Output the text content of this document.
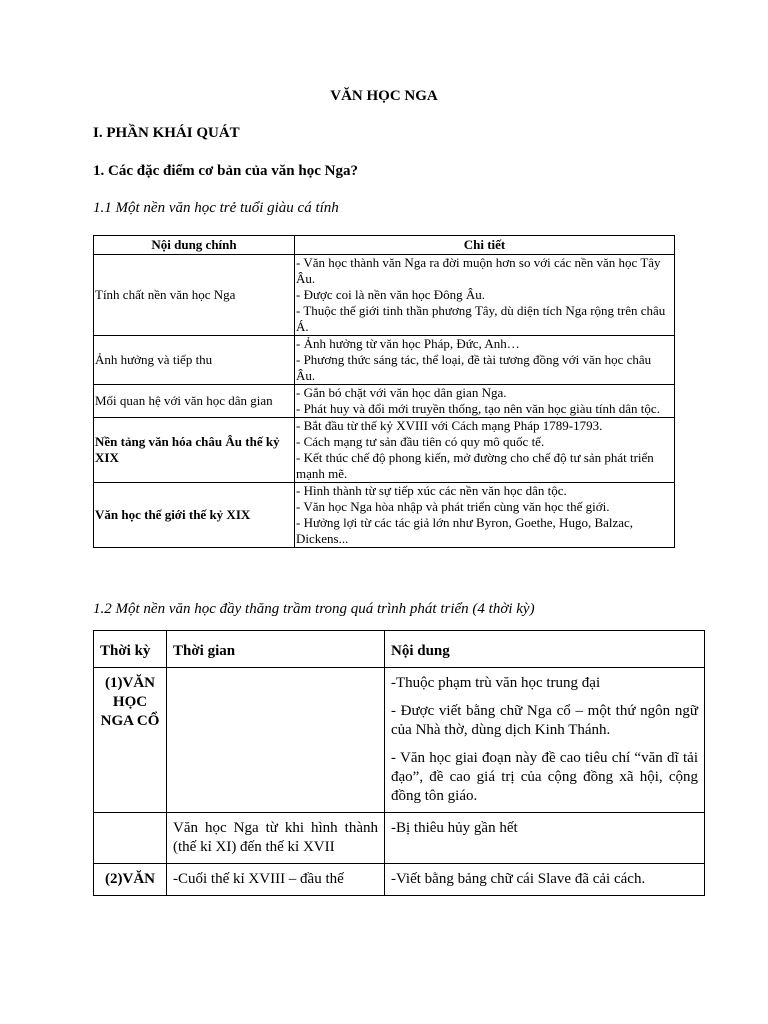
VĂN HỌC NGA
I. PHẦN KHÁI QUÁT
1. Các đặc điểm cơ bản của văn học Nga?
1.1 Một nền văn học trẻ tuổi giàu cá tính
Nội dung chính	Chi tiết
Tính chất nền văn học Nga	- Văn học thành văn Nga ra đời muộn hơn so với các nền văn học Tây Âu.
- Được coi là nền văn học Đông Âu.
- Thuộc thế giới tinh thần phương Tây, dù diện tích Nga rộng trên châu Á.

Ảnh hưởng và tiếp thu	- Ảnh hưởng từ văn học Pháp, Đức, Anh…
- Phương thức sáng tác, thể loại, đề tài tương đồng với văn học châu Âu.

Mối quan hệ với văn học dân gian	- Gắn bó chặt với văn học dân gian Nga.
- Phát huy và đổi mới truyền thống, tạo nên văn học giàu tính dân tộc.

Nền tảng văn hóa châu Âu thế kỷ XIX	- Bắt đầu từ thế kỷ XVIII với Cách mạng Pháp 1789-1793.
- Cách mạng tư sản đầu tiên có quy mô quốc tế.
- Kết thúc chế độ phong kiến, mở đường cho chế độ tư sản phát triển mạnh mẽ.

Văn học thế giới thế kỷ XIX	- Hình thành từ sự tiếp xúc các nền văn học dân tộc.
- Văn học Nga hòa nhập và phát triển cùng văn học thế giới.
- Hưởng lợi từ các tác giả lớn như Byron, Goethe, Hugo, Balzac, Dickens...
1.2 Một nền văn học đầy thăng trầm trong quá trình phát triển (4 thời kỳ)
Thời kỳ	Thời gian	Nội dung
(1)VĂN HỌC NGA CỔ		-Thuộc phạm trù văn học trung đại

- Được viết bằng chữ Nga cổ – một thứ ngôn ngữ của Nhà thờ, dùng dịch Kinh Thánh.

- Văn học giai đoạn này đề cao tiêu chí “văn dĩ tải đạo”, đề cao giá trị của cộng đồng xã hội, cộng đồng tôn giáo.

	Văn học Nga từ khi hình thành (thế kỉ XI) đến thế kỉ XVII	-Bị thiêu hủy gần hết

(2)VĂN	-Cuối thế kỉ XVIII – đầu thế	-Viết bằng bảng chữ cái Slave đã cải cách.
